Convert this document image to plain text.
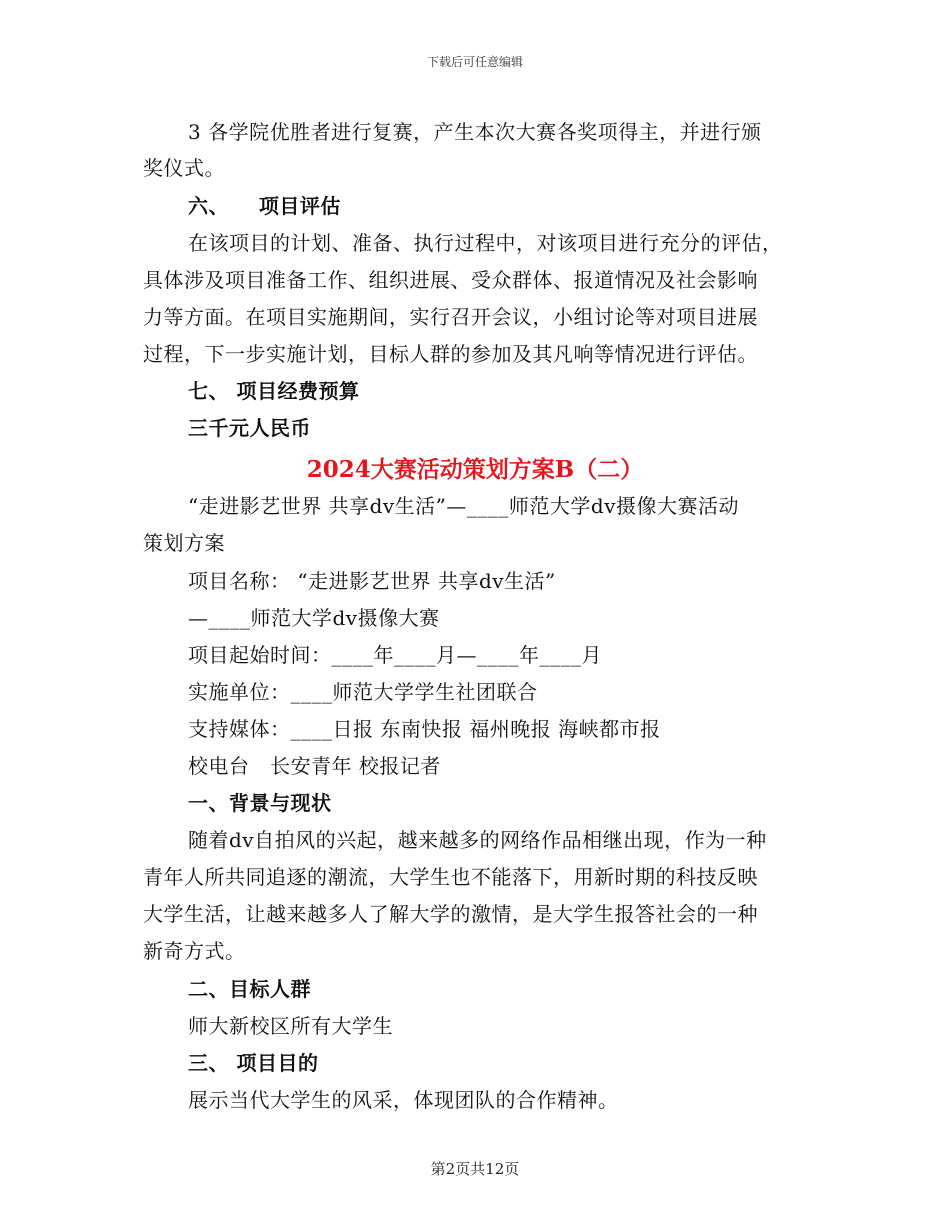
下载后可任意编辑
3 各学院优胜者进行复赛，产生本次大赛各奖项得主，并进行颁
奖仪式。
六、    项目评估
在该项目的计划、准备、执行过程中，对该项目进行充分的评估，
具体涉及项目准备工作、组织进展、受众群体、报道情况及社会影响
力等方面。在项目实施期间，实行召开会议，小组讨论等对项目进展
过程，下一步实施计划，目标人群的参加及其凡响等情况进行评估。
七、 项目经费预算
三千元人民币
2024大赛活动策划方案B（二）
“走进影艺世界 共享dv生活”—____师范大学dv摄像大赛活动
策划方案
项目名称： “走进影艺世界 共享dv生活”
—____师范大学dv摄像大赛
项目起始时间：____年____月—____年____月
实施单位：____师范大学学生社团联合
支持媒体：____日报 东南快报 福州晚报 海峡都市报
校电台   长安青年 校报记者
一、背景与现状
随着dv自拍风的兴起，越来越多的网络作品相继出现，作为一种
青年人所共同追逐的潮流，大学生也不能落下，用新时期的科技反映
大学生活，让越来越多人了解大学的激情，是大学生报答社会的一种
新奇方式。
二、目标人群
师大新校区所有大学生
三、 项目目的
展示当代大学生的风采，体现团队的合作精神。
第2页共12页
